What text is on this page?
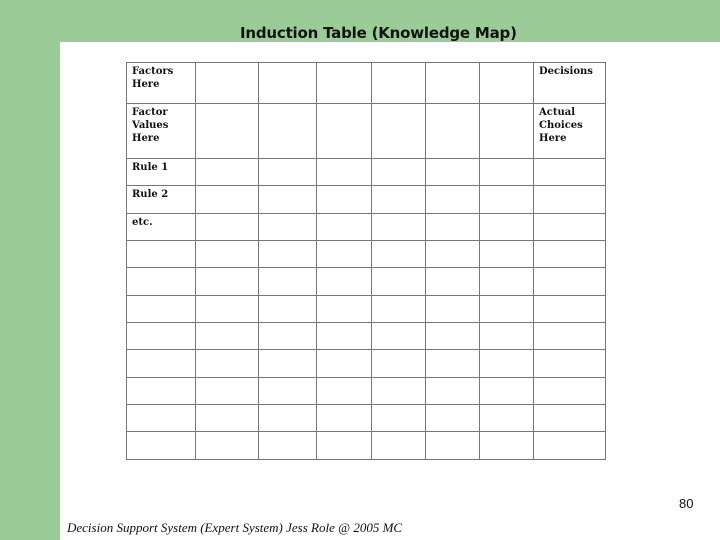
Induction Table (Knowledge Map)
Factors
Here							Decisions

Factor
Values
Here							Actual
Choices
Here

Rule 1							

Rule 2							

etc.							

80
Decision Support System (Expert System) Jess Role @ 2005 MC
